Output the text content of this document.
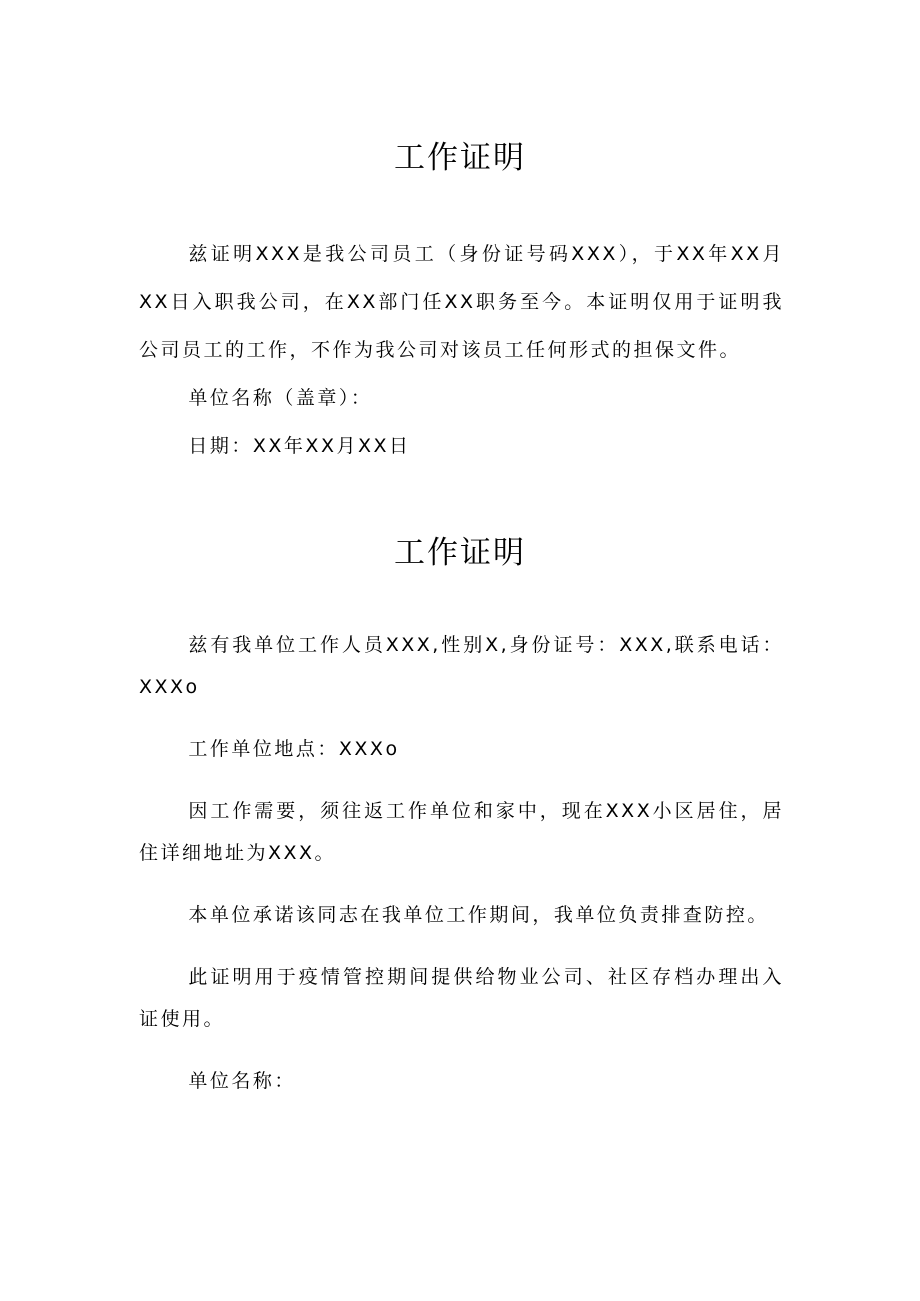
工作证明

兹证明XXX是我公司员工（身份证号码XXX），于XX年XX月XX日入职我公司，在XX部门任XX职务至今。本证明仅用于证明我公司员工的工作，不作为我公司对该员工任何形式的担保文件。

单位名称（盖章）：

日期：XX年XX月XX日

工作证明

兹有我单位工作人员XXX,性别X,身份证号：XXX,联系电话：XXXo

工作单位地点：XXXo

因工作需要，须往返工作单位和家中，现在XXX小区居住，居住详细地址为XXX。

本单位承诺该同志在我单位工作期间，我单位负责排查防控。

此证明用于疫情管控期间提供给物业公司、社区存档办理出入证使用。

单位名称：
